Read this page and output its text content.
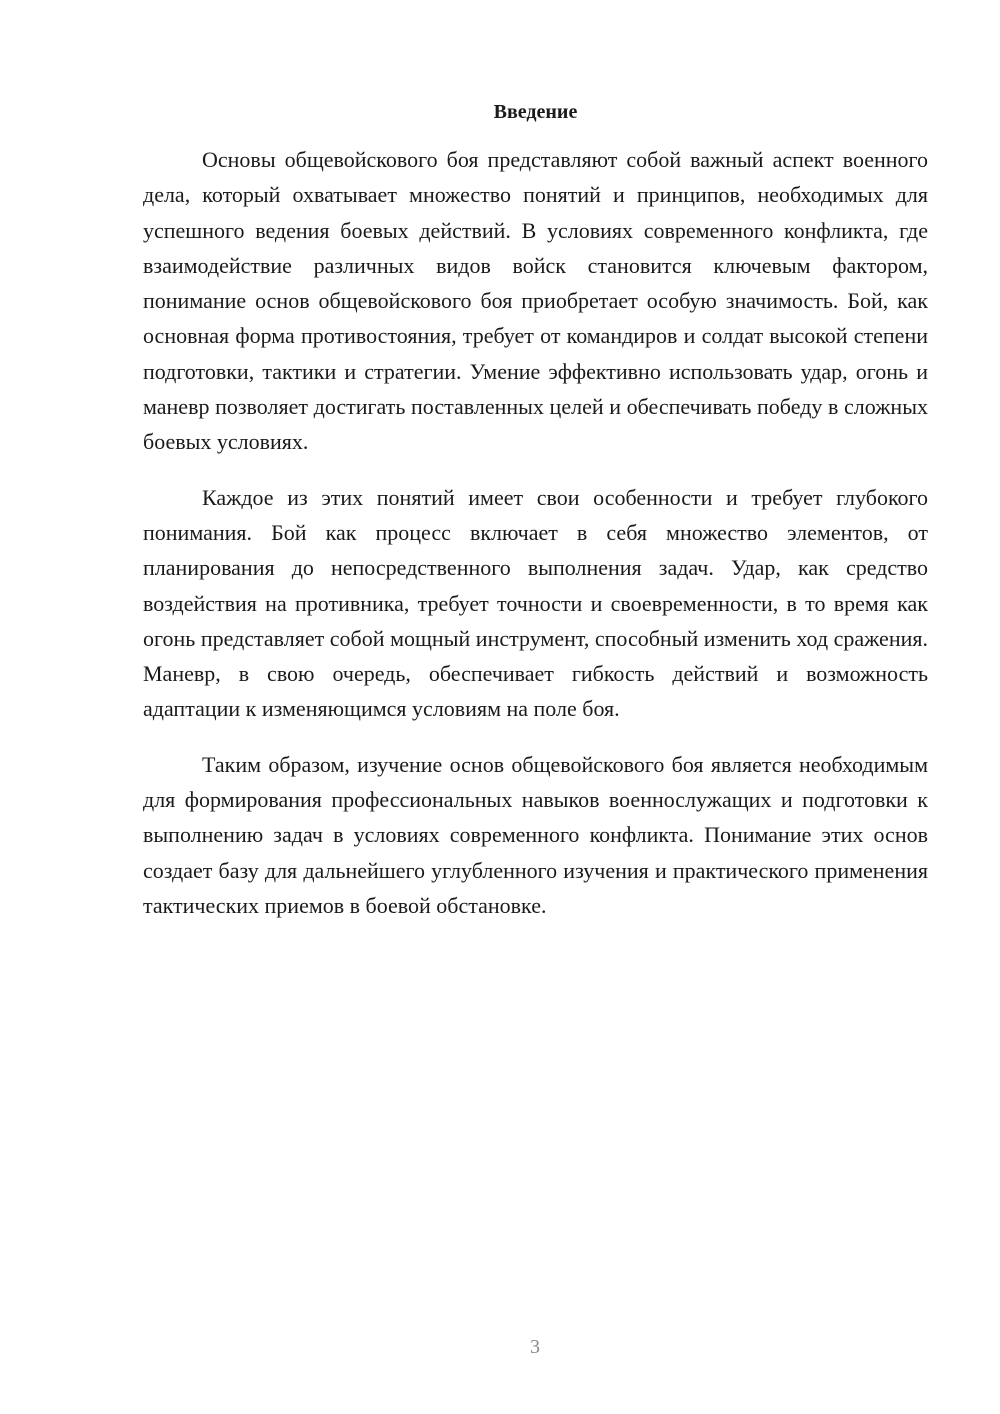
Введение

Основы общевойскового боя представляют собой важный аспект военного дела, который охватывает множество понятий и принципов, необходимых для успешного ведения боевых действий. В условиях современного конфликта, где взаимодействие различных видов войск становится ключевым фактором, понимание основ общевойскового боя приобретает особую значимость. Бой, как основная форма противостояния, требует от командиров и солдат высокой степени подготовки, тактики и стратегии. Умение эффективно использовать удар, огонь и маневр позволяет достигать поставленных целей и обеспечивать победу в сложных боевых условиях.

Каждое из этих понятий имеет свои особенности и требует глубокого понимания. Бой как процесс включает в себя множество элементов, от планирования до непосредственного выполнения задач. Удар, как средство воздействия на противника, требует точности и своевременности, в то время как огонь представляет собой мощный инструмент, способный изменить ход сражения. Маневр, в свою очередь, обеспечивает гибкость действий и возможность адаптации к изменяющимся условиям на поле боя.

Таким образом, изучение основ общевойскового боя является необходимым для формирования профессиональных навыков военнослужащих и подготовки к выполнению задач в условиях современного конфликта. Понимание этих основ создает базу для дальнейшего углубленного изучения и практического применения тактических приемов в боевой обстановке.

3
